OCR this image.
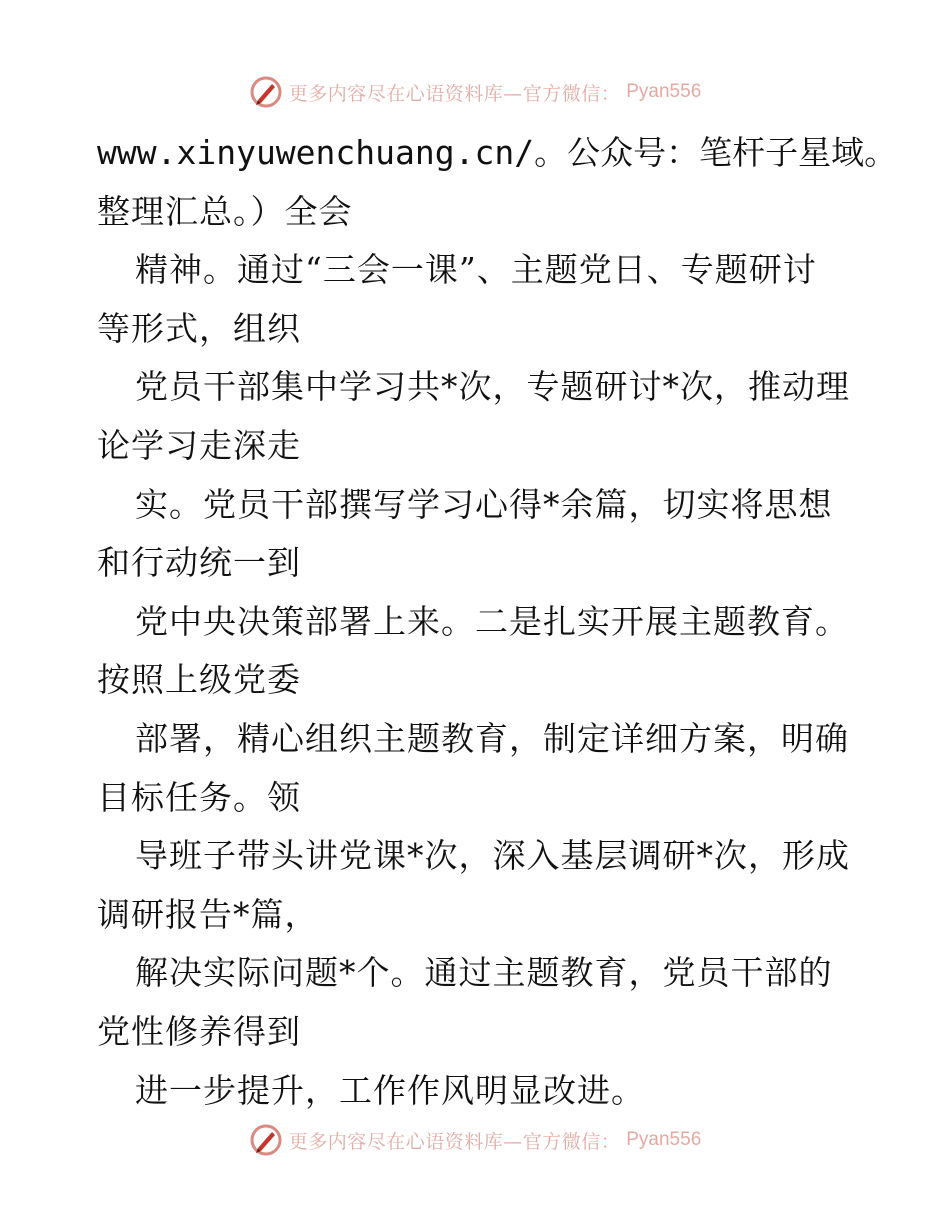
更多内容尽在心语资料库—官方微信： Pyan556
www.xinyuwenchuang.cn/。公众号：笔杆子星域。
整理汇总。）全会
精神。通过“三会一课”、主题党日、专题研讨
等形式，组织
党员干部集中学习共*次，专题研讨*次，推动理
论学习走深走
实。党员干部撰写学习心得*余篇，切实将思想
和行动统一到
党中央决策部署上来。二是扎实开展主题教育。
按照上级党委
部署，精心组织主题教育，制定详细方案，明确
目标任务。领
导班子带头讲党课*次，深入基层调研*次，形成
调研报告*篇，
解决实际问题*个。通过主题教育，党员干部的
党性修养得到
进一步提升，工作作风明显改进。
更多内容尽在心语资料库—官方微信： Pyan556
